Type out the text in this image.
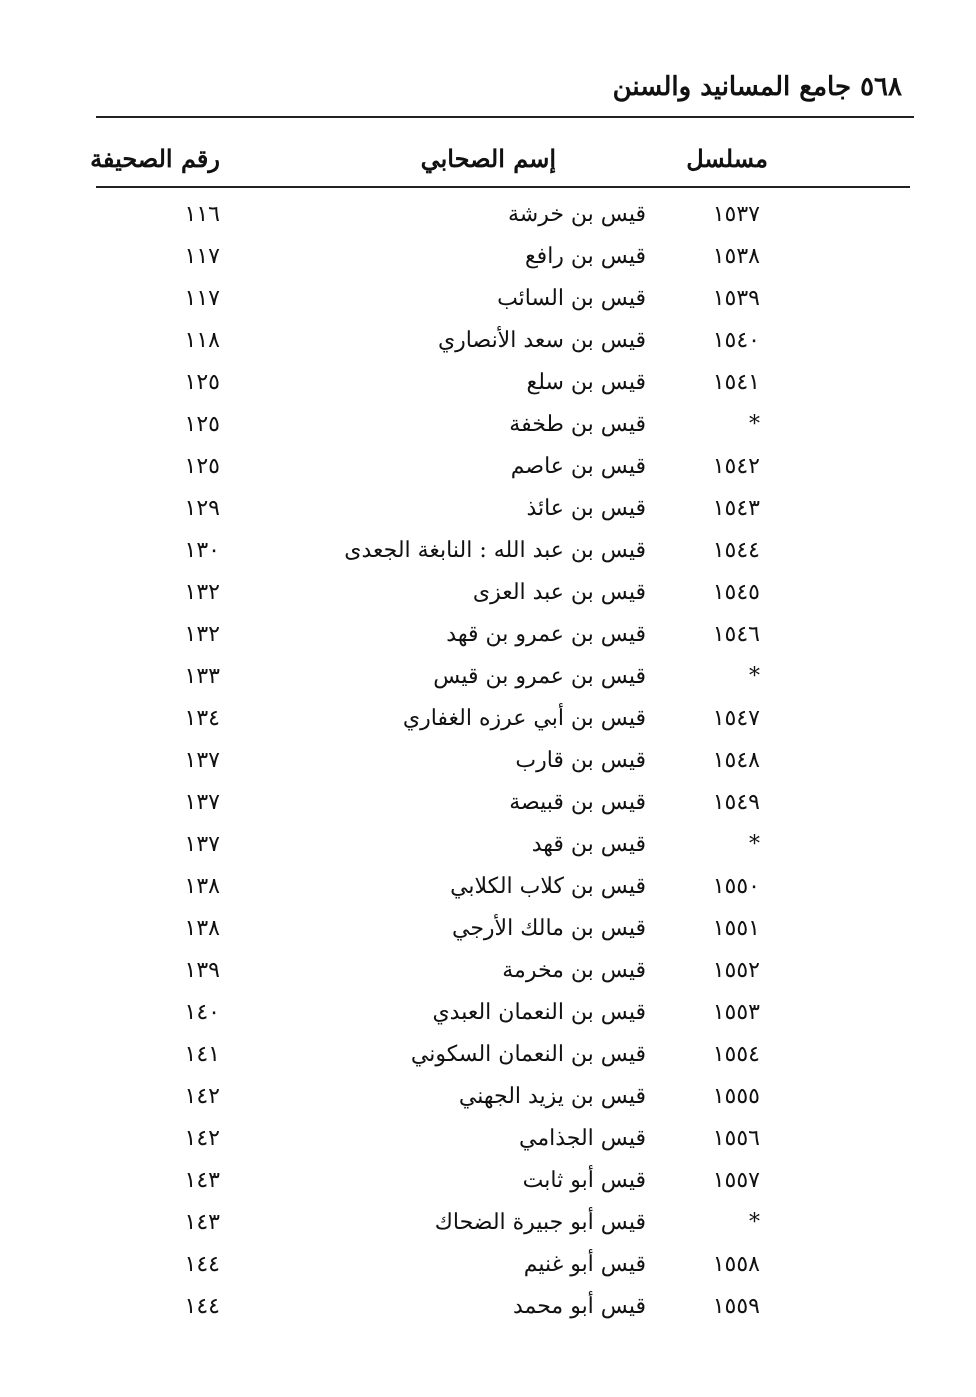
٥٦٨ جامع المسانيد والسنن
مسلسل
إسم الصحابي
رقم الصحيفة
١٥٣٧
قيس بن خرشة
١١٦
١٥٣٨
قيس بن رافع
١١٧
١٥٣٩
قيس بن السائب
١١٧
١٥٤٠
قيس بن سعد الأنصاري
١١٨
١٥٤١
قيس بن سلع
١٢٥
*
قيس بن طخفة
١٢٥
١٥٤٢
قيس بن عاصم
١٢٥
١٥٤٣
قيس بن عائذ
١٢٩
١٥٤٤
قيس بن عبد الله : النابغة الجعدى
١٣٠
١٥٤٥
قيس بن عبد العزى
١٣٢
١٥٤٦
قيس بن عمرو بن قهد
١٣٢
*
قيس بن عمرو بن قيس
١٣٣
١٥٤٧
قيس بن أبي عرزه الغفاري
١٣٤
١٥٤٨
قيس بن قارب
١٣٧
١٥٤٩
قيس بن قبيصة
١٣٧
*
قيس بن قهد
١٣٧
١٥٥٠
قيس بن كلاب الكلابي
١٣٨
١٥٥١
قيس بن مالك الأرجي
١٣٨
١٥٥٢
قيس بن مخرمة
١٣٩
١٥٥٣
قيس بن النعمان العبدي
١٤٠
١٥٥٤
قيس بن النعمان السكوني
١٤١
١٥٥٥
قيس بن يزيد الجهني
١٤٢
١٥٥٦
قيس الجذامي
١٤٢
١٥٥٧
قيس أبو ثابت
١٤٣
*
قيس أبو جبيرة الضحاك
١٤٣
١٥٥٨
قيس أبو غنيم
١٤٤
١٥٥٩
قيس أبو محمد
١٤٤
